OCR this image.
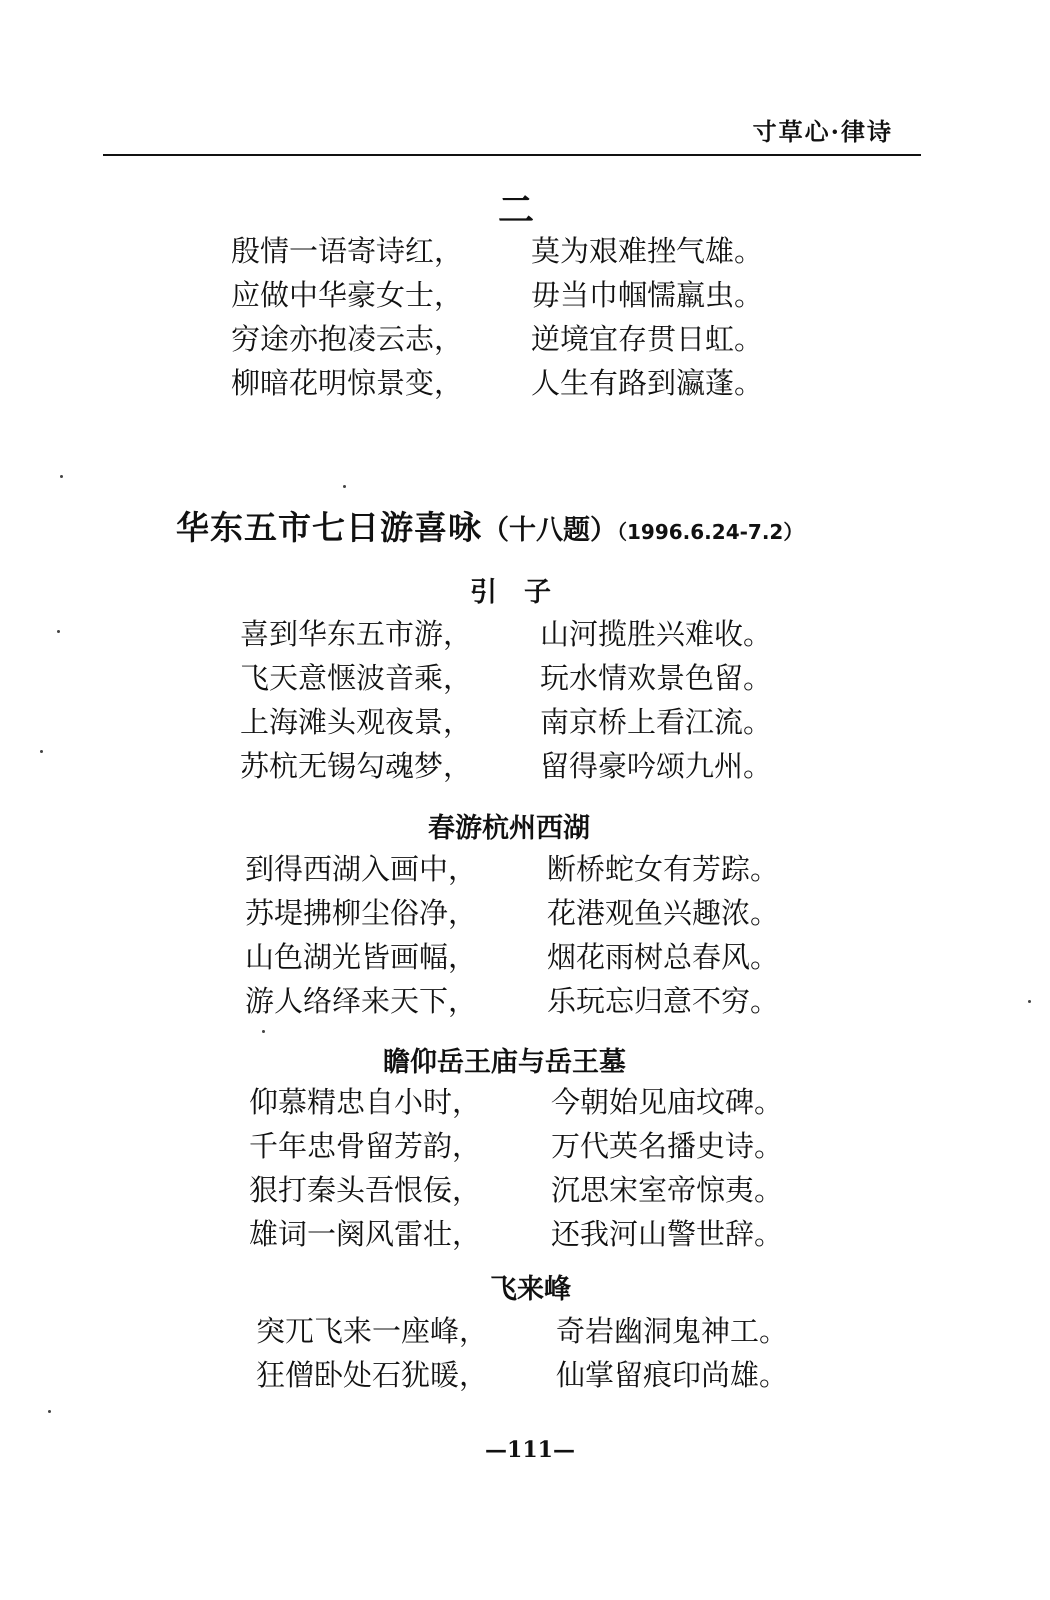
寸草心·律诗
二
殷情一语寄诗红， 莫为艰难挫气雄。
应做中华豪女士， 毋当巾帼懦羸虫。
穷途亦抱凌云志， 逆境宜存贯日虹。
柳暗花明惊景变， 人生有路到瀛蓬。
华东五市七日游喜咏（十八题）（1996.6.24-7.2）
引　子
喜到华东五市游， 山河揽胜兴难收。
飞天意惬波音乘， 玩水情欢景色留。
上海滩头观夜景， 南京桥上看江流。
苏杭无锡勾魂梦， 留得豪吟颂九州。
春游杭州西湖
到得西湖入画中， 断桥蛇女有芳踪。
苏堤拂柳尘俗净， 花港观鱼兴趣浓。
山色湖光皆画幅， 烟花雨树总春风。
游人络绎来天下， 乐玩忘归意不穷。
瞻仰岳王庙与岳王墓
仰慕精忠自小时， 今朝始见庙坟碑。
千年忠骨留芳韵， 万代英名播史诗。
狠打秦头吾恨佞， 沉思宋室帝惊夷。
雄词一阕风雷壮， 还我河山警世辞。
飞来峰
突兀飞来一座峰， 奇岩幽洞鬼神工。
狂僧卧处石犹暖， 仙掌留痕印尚雄。
—111—
